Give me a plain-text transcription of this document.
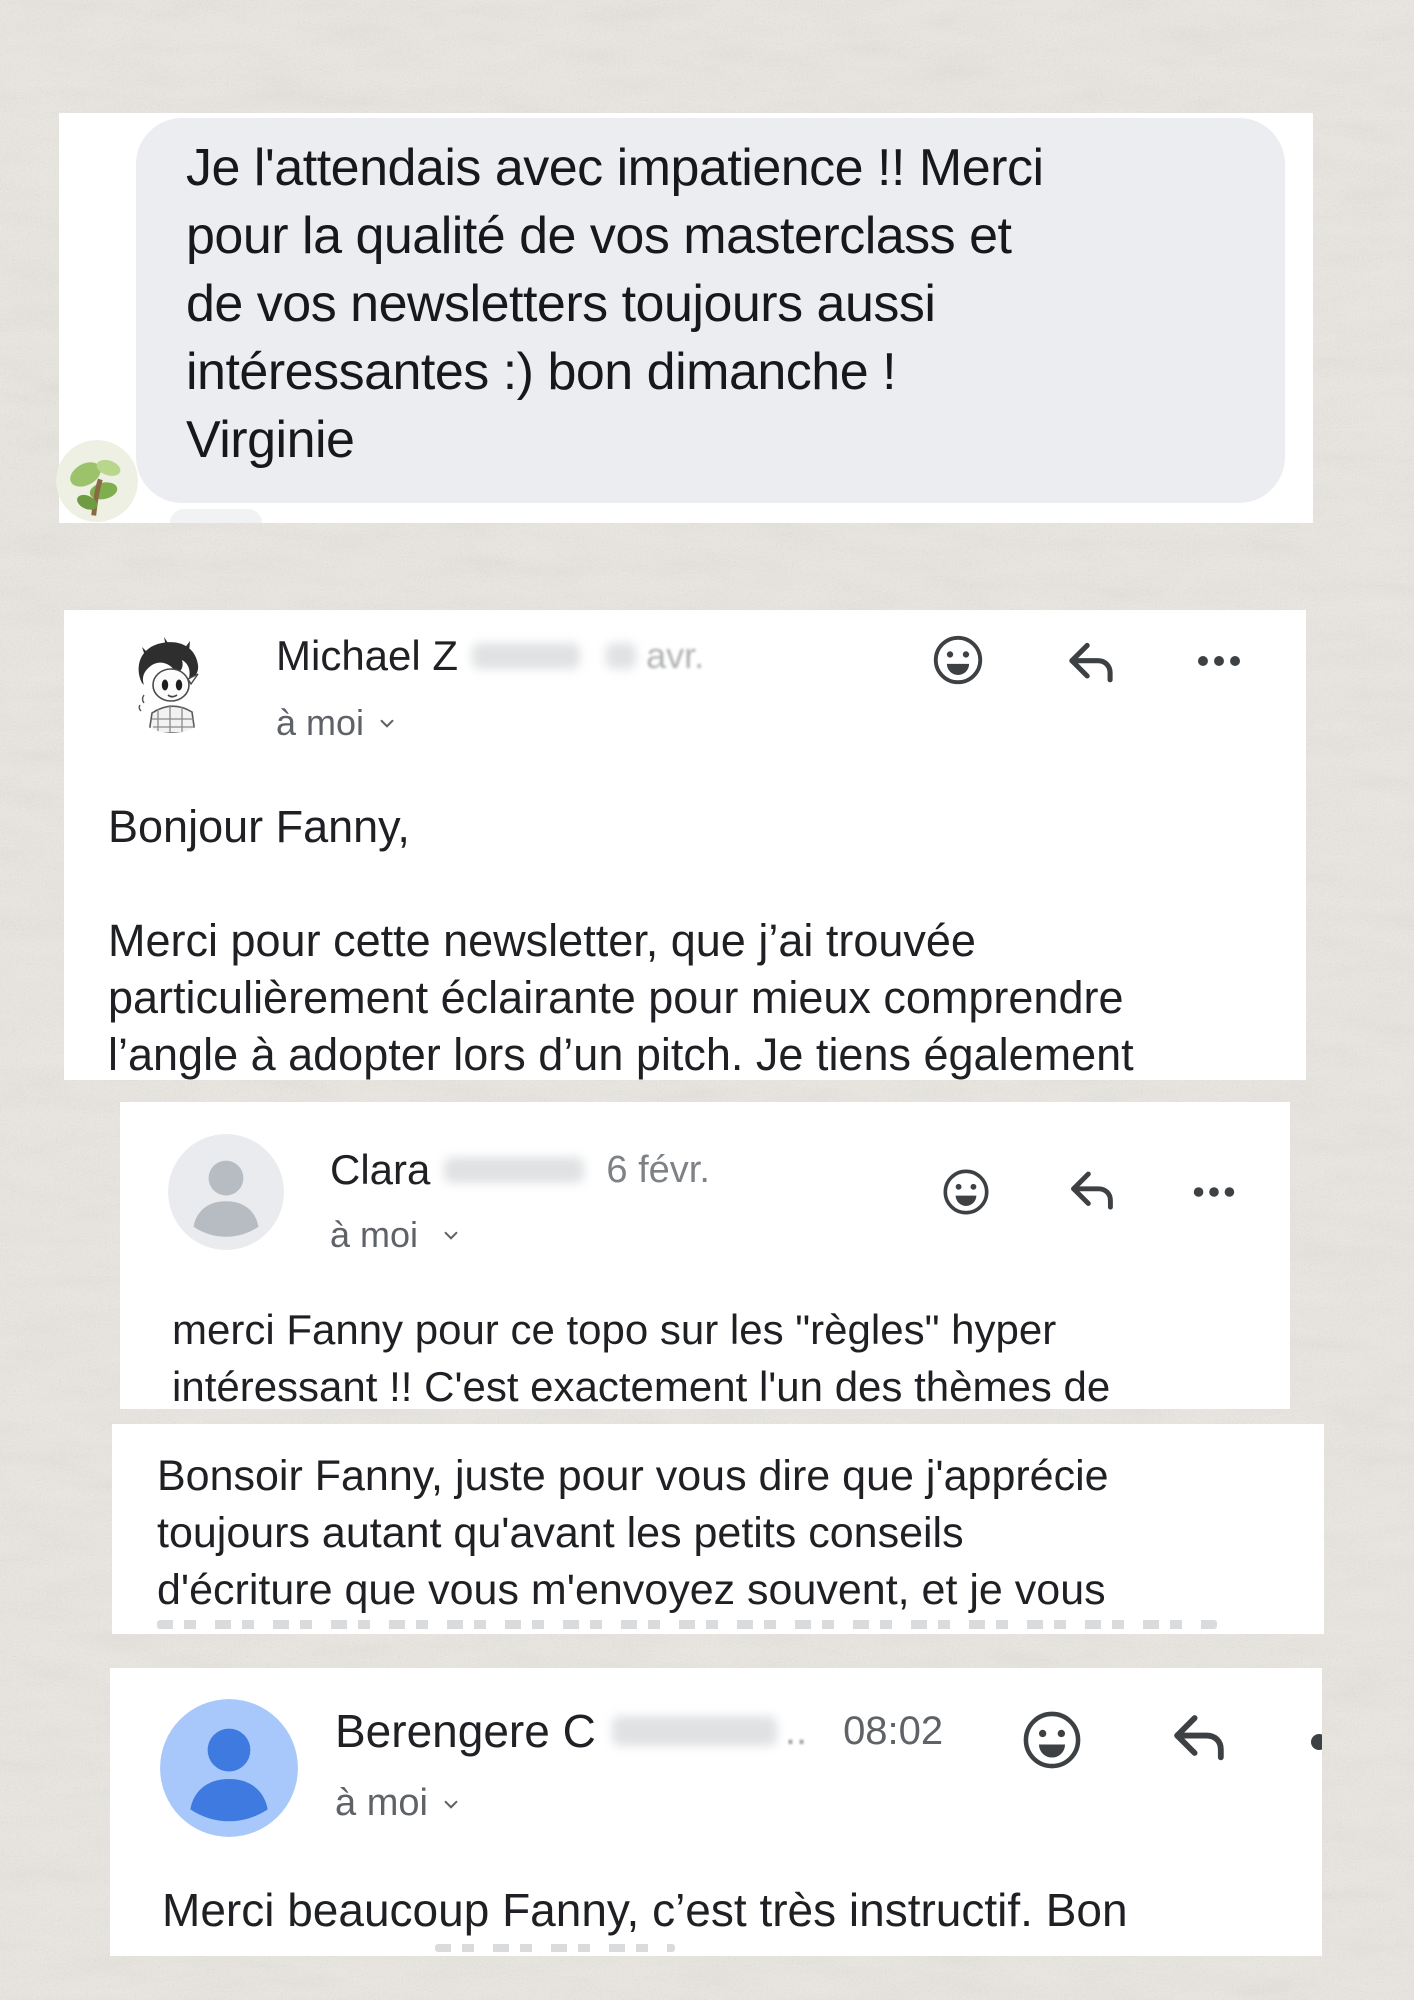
Je l'attendais avec impatience !! Merci
pour la qualité de vos masterclass et
de vos newsletters toujours aussi
intéressantes :) bon dimanche !
Virginie
Michael Z	avr.
à moi
Bonjour Fanny,
Merci pour cette newsletter, que j’ai trouvée
particulièrement éclairante pour mieux comprendre
l’angle à adopter lors d’un pitch. Je tiens également
Clara	6 févr.
à moi
merci Fanny pour ce topo sur les "règles" hyper
intéressant !! C'est exactement l'un des thèmes de
Bonsoir Fanny, juste pour vous dire que j'apprécie
toujours autant qu'avant les petits conseils
d'écriture que vous m'envoyez souvent, et je vous
Berengere C	.. 08:02
à moi
Merci beaucoup Fanny, c’est très instructif. Bon
